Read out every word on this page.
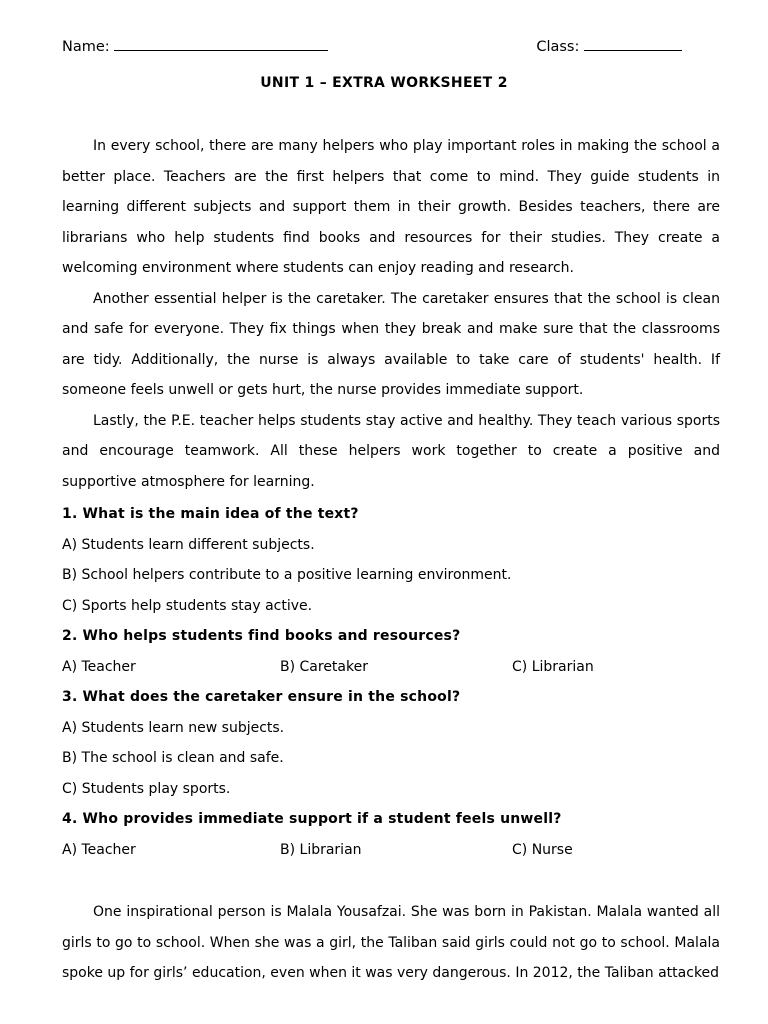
Name:	Class:
UNIT 1 – EXTRA WORKSHEET 2

In every school, there are many helpers who play important roles in making the school a better place. Teachers are the first helpers that come to mind. They guide students in learning different subjects and support them in their growth. Besides teachers, there are librarians who help students find books and resources for their studies. They create a welcoming environment where students can enjoy reading and research.

Another essential helper is the caretaker. The caretaker ensures that the school is clean and safe for everyone. They fix things when they break and make sure that the classrooms are tidy. Additionally, the nurse is always available to take care of students' health. If someone feels unwell or gets hurt, the nurse provides immediate support.

Lastly, the P.E. teacher helps students stay active and healthy. They teach various sports and encourage teamwork. All these helpers work together to create a positive and supportive atmosphere for learning.

1. What is the main idea of the text?
A) Students learn different subjects.
B) School helpers contribute to a positive learning environment.
C) Sports help students stay active.
2. Who helps students find books and resources?
A) Teacher	B) Caretaker	C) Librarian
3. What does the caretaker ensure in the school?
A) Students learn new subjects.
B) The school is clean and safe.
C) Students play sports.
4. Who provides immediate support if a student feels unwell?
A) Teacher	B) Librarian	C) Nurse

One inspirational person is Malala Yousafzai. She was born in Pakistan. Malala wanted all girls to go to school. When she was a girl, the Taliban said girls could not go to school. Malala spoke up for girls’ education, even when it was very dangerous. In 2012, the Taliban attacked
